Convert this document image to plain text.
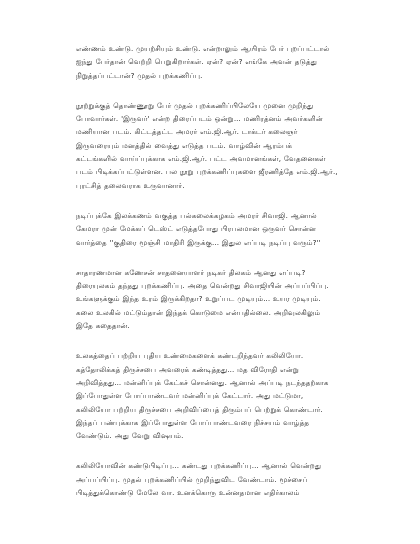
எண்ணம் உண்டு. முயற்சியும் உண்டு. என்றாலும் ஆயிரம் பேர் புறப்பட்டால்
ஐந்து பேர்தான் வெற்றி பெறுகிறார்கள். ஏன்? ஏன்? எங்கே அவன் தடுத்து
நிறுத்தப்பட்டான்? முதல் புறக்கணிப்பு.
நூற்றுக்குத் தொண்ணூறு பேர் முதல் புறக்கணிப்பிலேயே முனை முறிந்து
போவார்கள். 'இருவர்' என்ற திரைப்படம் ஒன்று... மணிரத்னம் அவர்களின்
மணியான படம். கிட்டத்தட்ட அமரர் எம்.ஜி.ஆர். டாக்டர் கலைஞர்
இருவரையும் மனத்தில் வைத்து எடுத்த படம். வாழ்வின் ஆரம்பக்
கட்டங்களில் வாய்ப்புக்காக எம்.ஜி.ஆர். பட்ட அவமானங்கள், வேதனைகள்
படம் பிடிக்கப்பட்டுள்ளன. பல நூறு புறக்கணிப்புகளை ஜீரணித்தே எம்.ஜி.ஆர்.,
புரட்சித் தலைவராக உருவானார்.
நடிப்புக்கே இலக்கணம் வகுத்த பல்கலைக்கழகம் அமரர் சிவாஜி. ஆனால்
கேமரா முன் மேக்கப் டெஸ்ட் எடுத்தபோது பிரபலமான ஒருவர் சொன்ன
வார்த்தை ''குதிரை மூஞ்சி மாதிரி இருக்கு... இதுல எப்படி நடிப்பு வரும்?''
சாதாரணமான கணேசன் சாதனையாளர் நடிகர் திலகம் ஆனது எப்படி?
திரையுலகம் தந்தது புறக்கணிப்பு. அதை வென்றது சிவாஜியின் அப்பப்பிப்பு.
உங்களுக்கும் இந்த உரம் இருக்கிறதா? உறுப்பட முடியும்... உயர முடியும்.
கலை உலகில் மட்டும்தான் இந்தக் கொடுமை என்பதில்லை. அறிவுலகிலும்
இதே கதைதான்.
உலகத்தைப் பற்றிய புதிய உண்மைகளைக் கண்டறிந்தவர் கலிலியோ.
கத்தோலிக்கத் திருச்சபை அவரைக் கண்டித்தது... மத விரோதி என்று
அறிவித்தது... மன்னிப்புக் கேட்கச் சொன்னது. ஆனால் அப்படி நடந்ததற்காக
இப்போதுள்ள போப்பாண்டவர் மன்னிப்புக் கேட்டார். அது மட்டுமா,
கலிலியோ பற்றிய திருச்சபை அறிவிப்பைத் திரும்பப் பெற்றுக் கொண்டார்.
இந்தப் பண்புக்காக இப்போதுள்ள போப்பாண்டவரை நிச்சயம் வாழ்த்த
வேண்டும். அது வேறு விஷயம்.
கலிலியோவின் கண்டுபிடிப்பு... கண்டது புறக்கணிப்பு... ஆனால் வென்றது
அப்பப்பிப்பு. முதல் புறக்கணிப்பில் முறிந்துவிட வேண்டாம். மூச்சைப்
பிடித்துக்கொண்டு மேலே வா. உனக்கொரு உன்னதமான எதிர்காலம்
